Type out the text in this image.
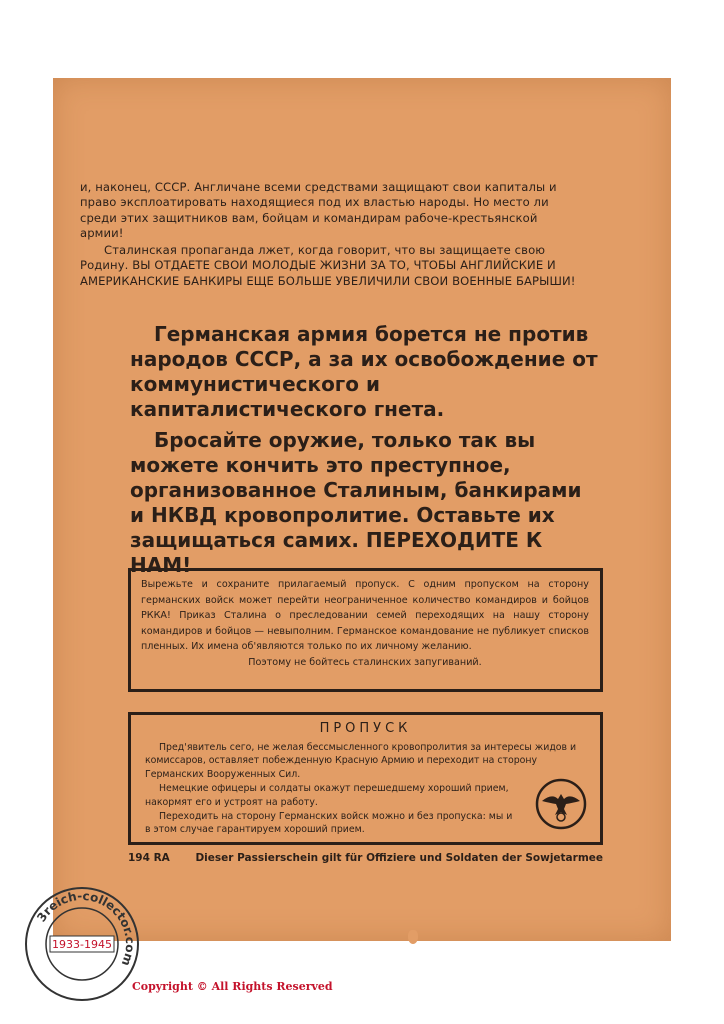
и, наконец, СССР. Англичане всеми средствами защищают свои капиталы и право эксплоатировать находящиеся под их властью народы. Но место ли среди этих защитников вам, бойцам и командирам рабоче-крестьянской армии!
Сталинская пропаганда лжет, когда говорит, что вы защищаете свою Родину. ВЫ ОТДАЕТЕ СВОИ МОЛОДЫЕ ЖИЗНИ ЗА ТО, ЧТОБЫ АНГЛИЙСКИЕ И АМЕРИКАНСКИЕ БАНКИРЫ ЕЩЕ БОЛЬШЕ УВЕЛИЧИЛИ СВОИ ВОЕННЫЕ БАРЫШИ!
Германская армия борется не против народов СССР, а за их освобождение от коммунистического и капиталистического гнета.
Бросайте оружие, только так вы можете кончить это преступное, организованное Сталиным, банкирами и НКВД кровопролитие. Оставьте их защищаться самих. ПЕРЕХОДИТЕ К НАМ!
Вырежьте и сохраните прилагаемый пропуск. С одним пропуском на сторону германских войск может перейти неограниченное количество командиров и бойцов РККА! Приказ Сталина о преследовании семей переходящих на нашу сторону командиров и бойцов — невыполним. Германское командование не публикует списков пленных. Их имена об'являются только по их личному желанию.
Поэтому не бойтесь сталинских запугиваний.
ПРОПУСК

Пред'явитель сего, не желая бессмысленного кровопролития за интересы жидов и комиссаров, оставляет побежденную Красную Армию и переходит на сторону Германских Вооруженных Сил.

Немецкие офицеры и солдаты окажут перешедшему хороший прием, накормят его и устроят на работу.

Переходить на сторону Германских войск можно и без пропуска: мы и в этом случае гарантируем хороший прием.

194 RA Dieser Passierschein gilt für Offiziere und Soldaten der Sowjetarmee
3reich-collector.com
1933-1945
Copyright © All Rights Reserved
